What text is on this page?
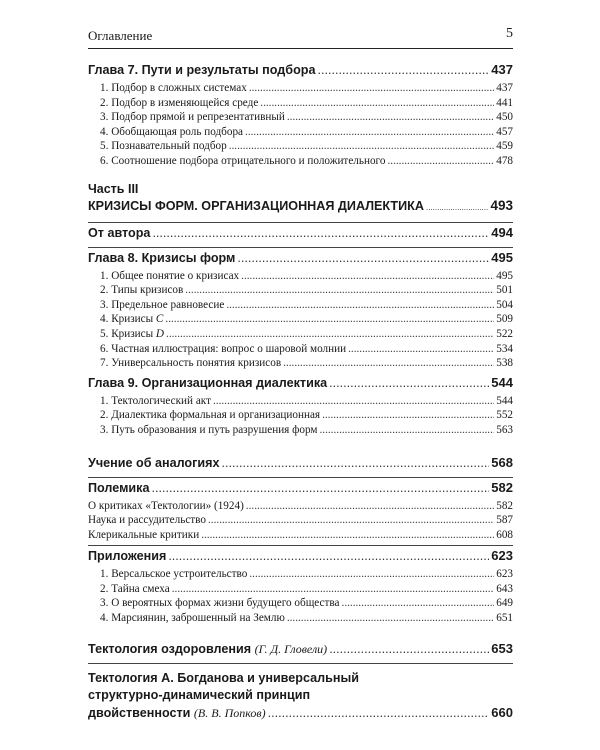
Оглавление	5
Глава 7. Пути и результаты подбора .....	437
1. Подбор в сложных системах .....	437
2. Подбор в изменяющейся среде .....	441
3. Подбор прямой и репрезентативный .....	450
4. Обобщающая роль подбора .....	457
5. Познавательный подбор .....	459
6. Соотношение подбора отрицательного и положительного .....	478
Часть III
КРИЗИСЫ ФОРМ. ОРГАНИЗАЦИОННАЯ ДИАЛЕКТИКА .....	493
От автора .....	494
Глава 8. Кризисы форм .....	495
1. Общее понятие о кризисах .....	495
2. Типы кризисов .....	501
3. Предельное равновесие .....	504
4. Кризисы C .....	509
5. Кризисы D .....	522
6. Частная иллюстрация: вопрос о шаровой молнии .....	534
7. Универсальность понятия кризисов .....	538
Глава 9. Организационная диалектика .....	544
1. Тектологический акт .....	544
2. Диалектика формальная и организационная .....	552
3. Путь образования и путь разрушения форм .....	563
Учение об аналогиях .....	568
Полемика .....	582
О критиках «Тектологии» (1924) .....	582
Наука и рассудительство .....	587
Клерикальные критики .....	608
Приложения .....	623
1. Версальское устроительство .....	623
2. Тайна смеха .....	643
3. О вероятных формах жизни будущего общества .....	649
4. Марсиянин, заброшенный на Землю .....	651
Тектология оздоровления (Г. Д. Гловели) .....	653
Тектология А. Богданова и универсальный
структурно-динамический принцип
двойственности (В. В. Попков) .....	660
